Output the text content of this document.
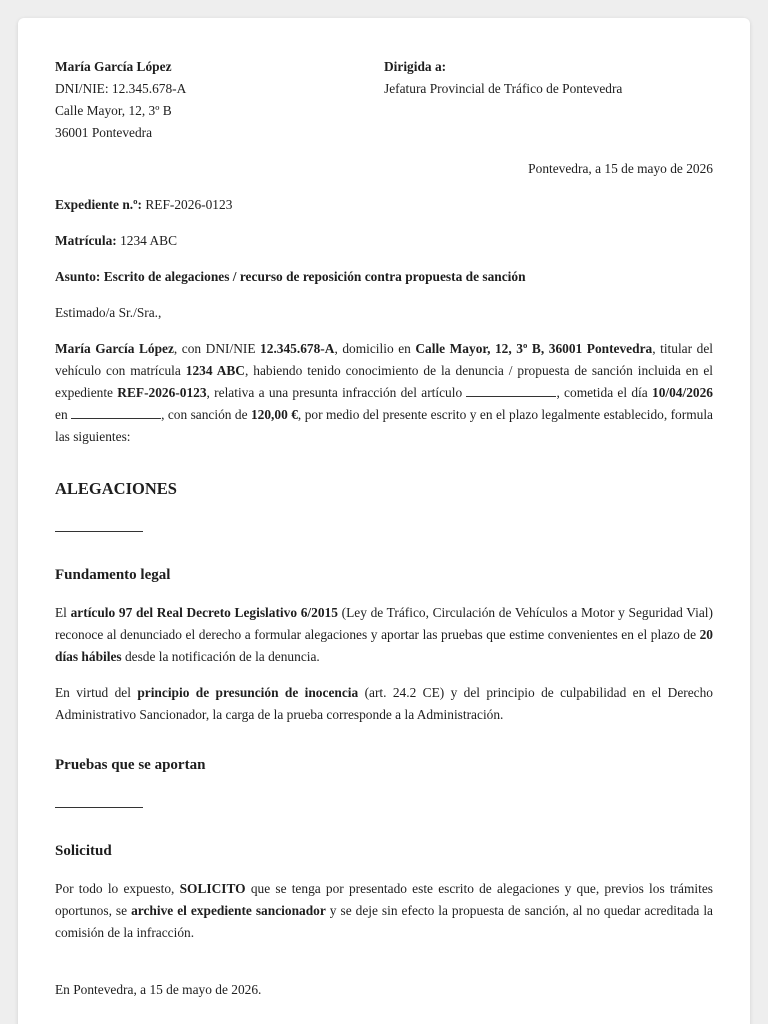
María García López
DNI/NIE: 12.345.678-A
Calle Mayor, 12, 3º B
36001 Pontevedra
Dirigida a:
Jefatura Provincial de Tráfico de Pontevedra
Pontevedra, a 15 de mayo de 2026
Expediente n.º: REF-2026-0123
Matrícula: 1234 ABC
Asunto: Escrito de alegaciones / recurso de reposición contra propuesta de sanción
Estimado/a Sr./Sra.,

María García López, con DNI/NIE 12.345.678-A, domicilio en Calle Mayor, 12, 3º B, 36001 Pontevedra, titular del vehículo con matrícula 1234 ABC, habiendo tenido conocimiento de la denuncia / propuesta de sanción incluida en el expediente REF-2026-0123, relativa a una presunta infracción del artículo	, cometida el día 10/04/2026 en	, con sanción de 120,00 €, por medio del presente escrito y en el plazo legalmente establecido, formula las siguientes:

ALEGACIONES
Fundamento legal

El artículo 97 del Real Decreto Legislativo 6/2015 (Ley de Tráfico, Circulación de Vehículos a Motor y Seguridad Vial) reconoce al denunciado el derecho a formular alegaciones y aportar las pruebas que estime convenientes en el plazo de 20 días hábiles desde la notificación de la denuncia.

En virtud del principio de presunción de inocencia (art. 24.2 CE) y del principio de culpabilidad en el Derecho Administrativo Sancionador, la carga de la prueba corresponde a la Administración.

Pruebas que se aportan
Solicitud

Por todo lo expuesto, SOLICITO que se tenga por presentado este escrito de alegaciones y que, previos los trámites oportunos, se archive el expediente sancionador y se deje sin efecto la propuesta de sanción, al no quedar acreditada la comisión de la infracción.

En Pontevedra, a 15 de mayo de 2026.
